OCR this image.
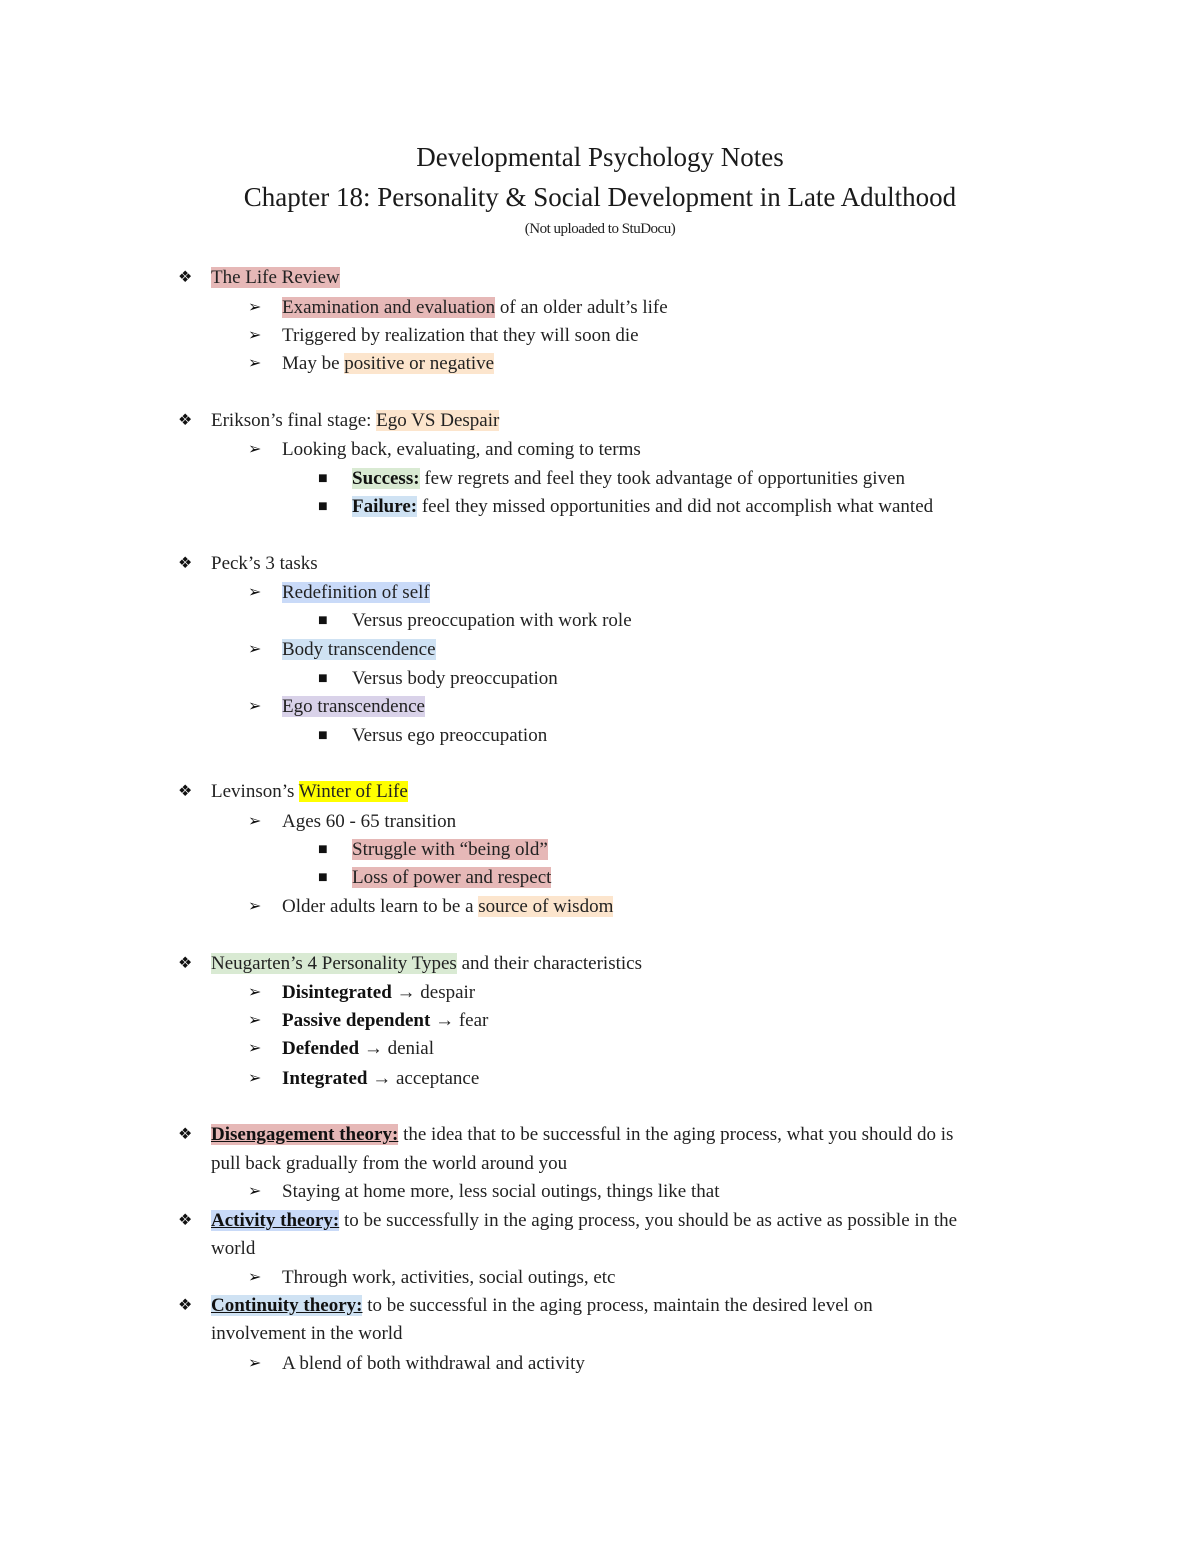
Developmental Psychology Notes
Chapter 18: Personality & Social Development in Late Adulthood
(Not uploaded to StuDocu)
❖ The Life Review
➢ Examination and evaluation of an older adult’s life
➢ Triggered by realization that they will soon die
➢ May be positive or negative
❖ Erikson’s final stage: Ego VS Despair
➢ Looking back, evaluating, and coming to terms
■ Success: few regrets and feel they took advantage of opportunities given
■ Failure: feel they missed opportunities and did not accomplish what wanted
❖ Peck’s 3 tasks
➢ Redefinition of self
■ Versus preoccupation with work role
➢ Body transcendence
■ Versus body preoccupation
➢ Ego transcendence
■ Versus ego preoccupation
❖ Levinson’s Winter of Life
➢ Ages 60 - 65 transition
■ Struggle with “being old”
■ Loss of power and respect
➢ Older adults learn to be a source of wisdom
❖ Neugarten’s 4 Personality Types and their characteristics
➢ Disintegrated → despair
➢ Passive dependent → fear
➢ Defended → denial
➢ Integrated → acceptance
❖ Disengagement theory: the idea that to be successful in the aging process, what you should do is
pull back gradually from the world around you
➢ Staying at home more, less social outings, things like that
❖ Activity theory: to be successfully in the aging process, you should be as active as possible in the
world
➢ Through work, activities, social outings, etc
❖ Continuity theory: to be successful in the aging process, maintain the desired level on
involvement in the world
➢ A blend of both withdrawal and activity
